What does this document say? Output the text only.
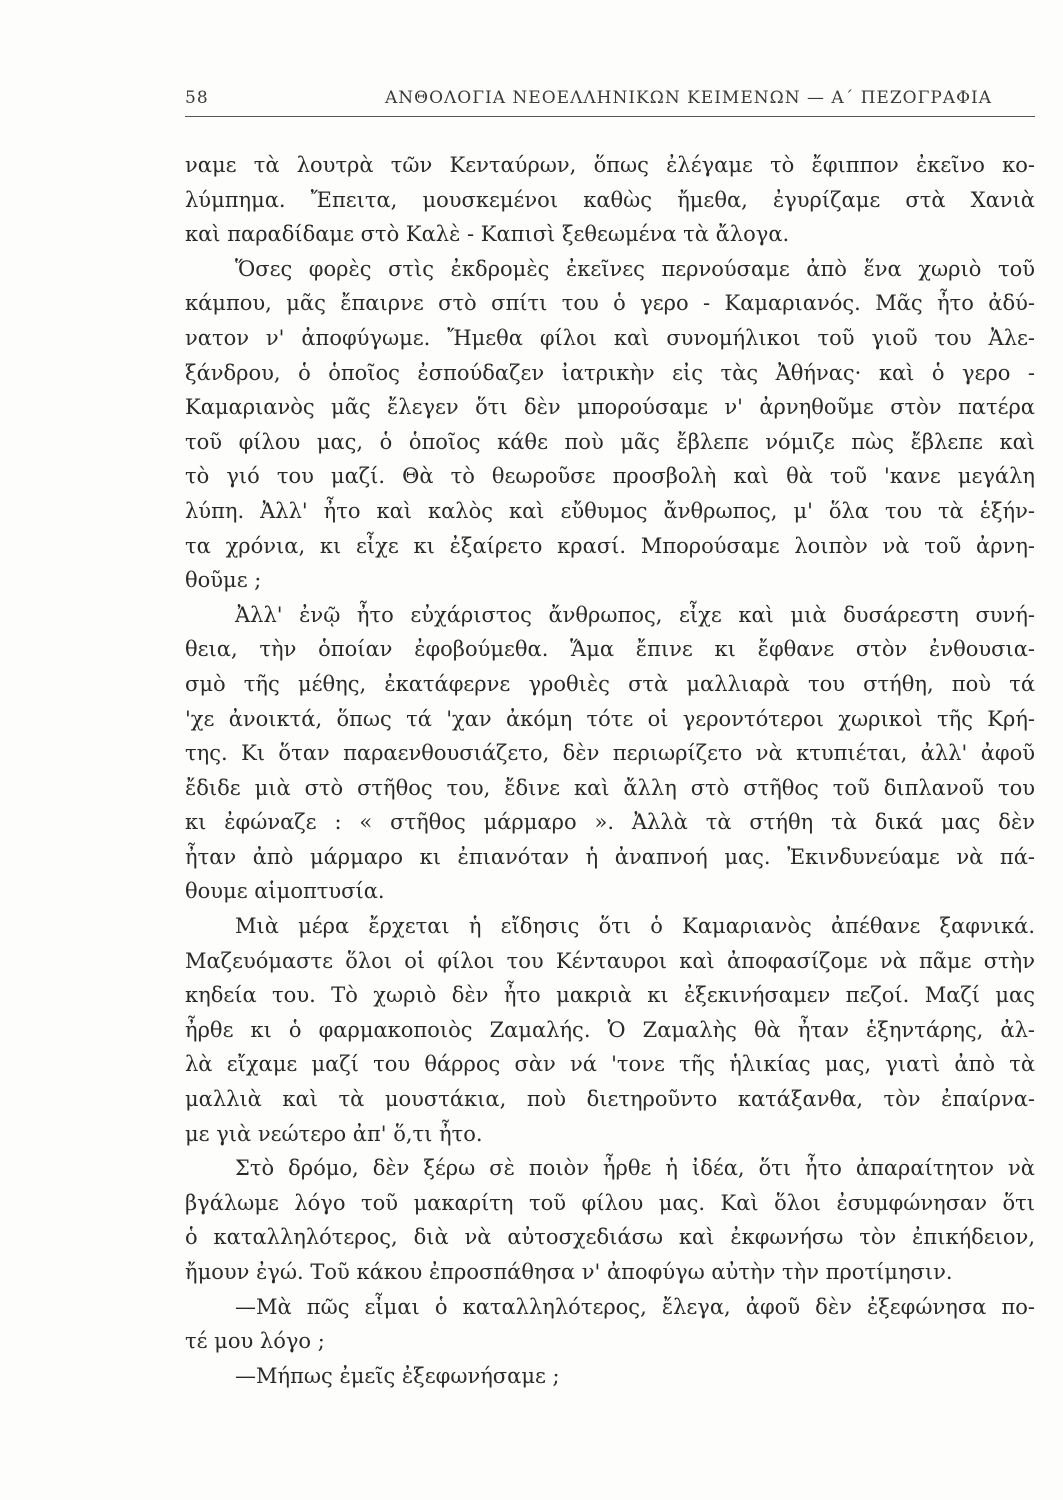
58	ΑΝΘΟΛΟΓΙΑ ΝΕΟΕΛΛΗΝΙΚΩΝ ΚΕΙΜΕΝΩΝ — Α΄ ΠΕΖΟΓΡΑΦΙΑ
ναμε τὰ λουτρὰ τῶν Κενταύρων, ὅπως ἐλέγαμε τὸ ἔφιππον ἐκεῖνο κο-
λύμπημα. Ἔπειτα, μουσκεμένοι καθὼς ἤμεθα, ἐγυρίζαμε στὰ Χανιὰ
καὶ παραδίδαμε στὸ Καλὲ - Καπισὶ ξεθεωμένα τὰ ἄλογα.
Ὅσες φορὲς στὶς ἐκδρομὲς ἐκεῖνες περνούσαμε ἀπὸ ἕνα χωριὸ τοῦ
κάμπου, μᾶς ἔπαιρνε στὸ σπίτι του ὁ γερο - Καμαριανός. Μᾶς ἦτο ἀδύ-
νατον ν' ἀποφύγωμε. Ἤμεθα φίλοι καὶ συνομήλικοι τοῦ γιοῦ του Ἀλε-
ξάνδρου, ὁ ὁποῖος ἐσπούδαζεν ἰατρικὴν εἰς τὰς Ἀθήνας· καὶ ὁ γερο -
Καμαριανὸς μᾶς ἔλεγεν ὅτι δὲν μπορούσαμε ν' ἀρνηθοῦμε στὸν πατέρα
τοῦ φίλου μας, ὁ ὁποῖος κάθε ποὺ μᾶς ἔβλεπε νόμιζε πὼς ἔβλεπε καὶ
τὸ γιό του μαζί. Θὰ τὸ θεωροῦσε προσβολὴ καὶ θὰ τοῦ 'κανε μεγάλη
λύπη. Ἀλλ' ἦτο καὶ καλὸς καὶ εὔθυμος ἄνθρωπος, μ' ὅλα του τὰ ἑξήν-
τα χρόνια, κι εἶχε κι ἐξαίρετο κρασί. Μπορούσαμε λοιπὸν νὰ τοῦ ἀρνη-
θοῦμε ;
Ἀλλ' ἐνῷ ἦτο εὐχάριστος ἄνθρωπος, εἶχε καὶ μιὰ δυσάρεστη συνή-
θεια, τὴν ὁποίαν ἐφοβούμεθα. Ἅμα ἔπινε κι ἔφθανε στὸν ἐνθουσια-
σμὸ τῆς μέθης, ἐκατάφερνε γροθιὲς στὰ μαλλιαρὰ του στήθη, ποὺ τά
'χε ἀνοικτά, ὅπως τά 'χαν ἀκόμη τότε οἱ γεροντότεροι χωρικοὶ τῆς Κρή-
της. Κι ὅταν παραενθουσιάζετο, δὲν περιωρίζετο νὰ κτυπιέται, ἀλλ' ἀφοῦ
ἔδιδε μιὰ στὸ στῆθος του, ἔδινε καὶ ἄλλη στὸ στῆθος τοῦ διπλανοῦ του
κι ἐφώναζε : « στῆθος μάρμαρο ». Ἀλλὰ τὰ στήθη τὰ δικά μας δὲν
ἦταν ἀπὸ μάρμαρο κι ἐπιανόταν ἡ ἀναπνοή μας. Ἐκινδυνεύαμε νὰ πά-
θουμε αἱμοπτυσία.
Μιὰ μέρα ἔρχεται ἡ εἴδησις ὅτι ὁ Καμαριανὸς ἀπέθανε ξαφνικά.
Μαζευόμαστε ὅλοι οἱ φίλοι του Κένταυροι καὶ ἀποφασίζομε νὰ πᾶμε στὴν
κηδεία του. Τὸ χωριὸ δὲν ἦτο μακριὰ κι ἐξεκινήσαμεν πεζοί. Μαζί μας
ἦρθε κι ὁ φαρμακοποιὸς Ζαμαλής. Ὁ Ζαμαλὴς θὰ ἦταν ἑξηντάρης, ἀλ-
λὰ εἴχαμε μαζί του θάρρος σὰν νά 'τονε τῆς ἡλικίας μας, γιατὶ ἀπὸ τὰ
μαλλιὰ καὶ τὰ μουστάκια, ποὺ διετηροῦντο κατάξανθα, τὸν ἐπαίρνα-
με γιὰ νεώτερο ἀπ' ὅ,τι ἦτο.
Στὸ δρόμο, δὲν ξέρω σὲ ποιὸν ἦρθε ἡ ἰδέα, ὅτι ἦτο ἀπαραίτητον νὰ
βγάλωμε λόγο τοῦ μακαρίτη τοῦ φίλου μας. Καὶ ὅλοι ἐσυμφώνησαν ὅτι
ὁ καταλληλότερος, διὰ νὰ αὐτοσχεδιάσω καὶ ἐκφωνήσω τὸν ἐπικήδειον,
ἤμουν ἐγώ. Τοῦ κάκου ἐπροσπάθησα ν' ἀποφύγω αὐτὴν τὴν προτίμησιν.
—Μὰ πῶς εἶμαι ὁ καταλληλότερος, ἔλεγα, ἀφοῦ δὲν ἐξεφώνησα πο-
τέ μου λόγο ;
—Μήπως ἐμεῖς ἐξεφωνήσαμε ;
